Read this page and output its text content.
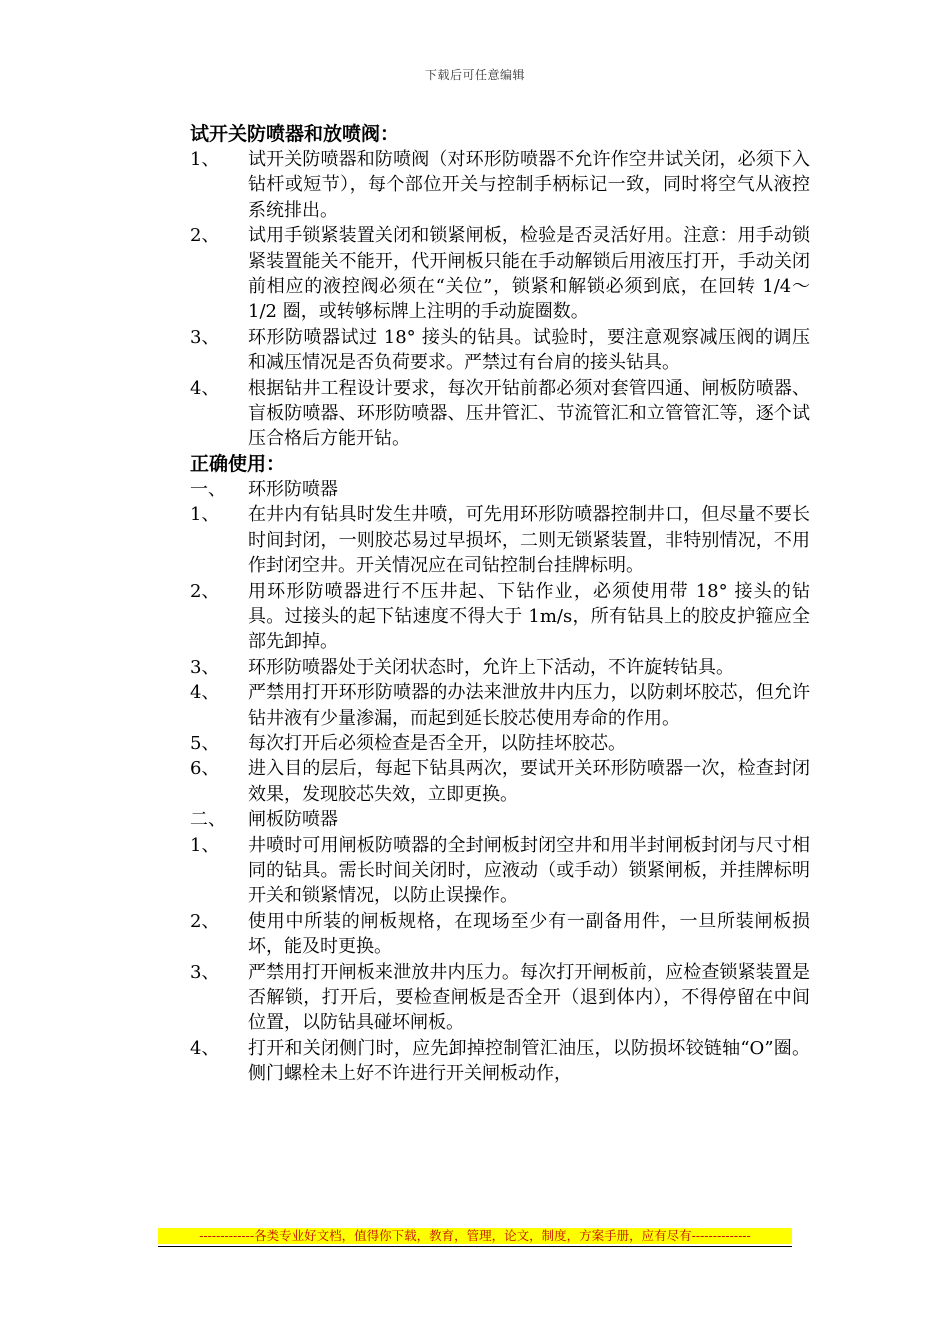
下载后可任意编辑
试开关防喷器和放喷阀：
1、	试开关防喷器和防喷阀（对环形防喷器不允许作空井试关闭，必须下入钻杆或短节），每个部位开关与控制手柄标记一致，同时将空气从液控系统排出。
2、	试用手锁紧装置关闭和锁紧闸板，检验是否灵活好用。注意：用手动锁紧装置能关不能开，代开闸板只能在手动解锁后用液压打开，手动关闭前相应的液控阀必须在“关位”，锁紧和解锁必须到底，在回转 1/4～1/2 圈，或转够标牌上注明的手动旋圈数。
3、	环形防喷器试过 18° 接头的钻具。试验时，要注意观察减压阀的调压和减压情况是否负荷要求。严禁过有台肩的接头钻具。
4、	根据钻井工程设计要求，每次开钻前都必须对套管四通、闸板防喷器、盲板防喷器、环形防喷器、压井管汇、节流管汇和立管管汇等，逐个试压合格后方能开钻。
正确使用：
一、	环形防喷器
1、	在井内有钻具时发生井喷，可先用环形防喷器控制井口，但尽量不要长时间封闭，一则胶芯易过早损坏，二则无锁紧装置，非特别情况，不用作封闭空井。开关情况应在司钻控制台挂牌标明。
2、	用环形防喷器进行不压井起、下钻作业，必须使用带 18° 接头的钻具。过接头的起下钻速度不得大于 1m/s，所有钻具上的胶皮护箍应全部先卸掉。
3、	环形防喷器处于关闭状态时，允许上下活动，不许旋转钻具。
4、	严禁用打开环形防喷器的办法来泄放井内压力，以防刺坏胶芯，但允许钻井液有少量渗漏，而起到延长胶芯使用寿命的作用。
5、	每次打开后必须检查是否全开，以防挂坏胶芯。
6、	进入目的层后，每起下钻具两次，要试开关环形防喷器一次，检查封闭效果，发现胶芯失效，立即更换。
二、	闸板防喷器
1、	井喷时可用闸板防喷器的全封闸板封闭空井和用半封闸板封闭与尺寸相同的钻具。需长时间关闭时，应液动（或手动）锁紧闸板，并挂牌标明开关和锁紧情况，以防止误操作。
2、	使用中所装的闸板规格，在现场至少有一副备用件，一旦所装闸板损坏，能及时更换。
3、	严禁用打开闸板来泄放井内压力。每次打开闸板前，应检查锁紧装置是否解锁，打开后，要检查闸板是否全开（退到体内），不得停留在中间位置，以防钻具碰坏闸板。
4、	打开和关闭侧门时，应先卸掉控制管汇油压，以防损坏铰链轴“O”圈。侧门螺栓未上好不许进行开关闸板动作，
-------------各类专业好文档，值得你下载，教育，管理，论文，制度，方案手册，应有尽有--------------
